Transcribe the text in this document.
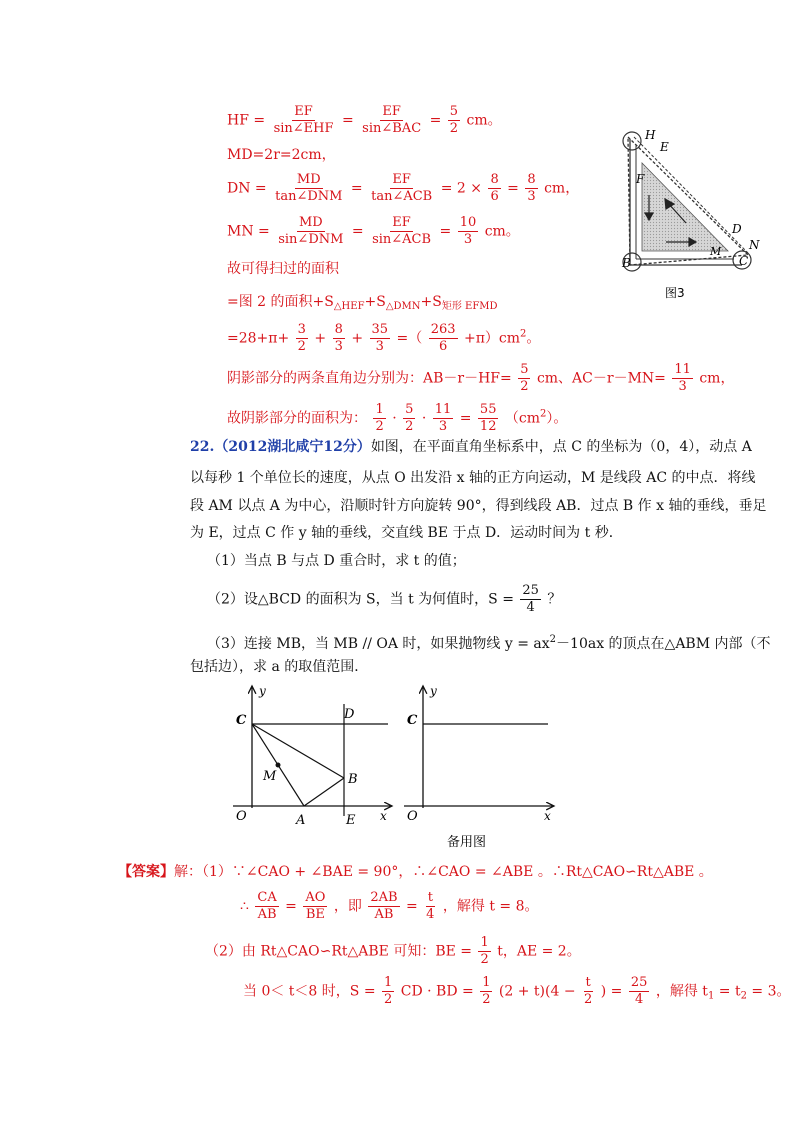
HF = $\frac{EF}{\text{sin∠EHF}} = \frac{EF}{\text{sin∠BAC}} = \frac{5}{2}$ cm。
MD=2r=2cm，
DN = $\frac{MD}{\text{tan∠DNM}} = \frac{EF}{\text{tan∠ACB}} = 2 \times \frac{8}{6} = \frac{8}{3}$ cm，
MN = $\frac{MD}{\text{sin∠DNM}} = \frac{EF}{\text{sin∠ACB}} = \frac{10}{3}$ cm。
故可得扫过的面积
=图 2 的面积$+S_{\triangle HEF}+S_{\triangle DMN}+S_{矩形 EFMD}$
$=28+\pi+ \frac{3}{2} + \frac{8}{3} + \frac{35}{3}$ =（ $\frac{263}{6} +\pi)cm^2$。
阴影部分的两条直角边分别为：$AB-r-HF= \frac{5}{2}$ cm、$AC-r-MN= \frac{11}{3}$ cm，
故阴影部分的面积为： $\frac{1}{2} \cdot \frac{5}{2} \cdot \frac{11}{3} = \frac{55}{12} (cm^2)$。
H
E
F
D
N
M
B	C
图3
22.（2012湖北咸宁12分）如图，在平面直角坐标系中，点 C 的坐标为（0，4），动点 A
以每秒 1 个单位长的速度，从点 O 出发沿 x 轴的正方向运动，M 是线段 AC 的中点．将线
段 AM 以点 A 为中心，沿顺时针方向旋转 90°，得到线段 AB．过点 B 作 x 轴的垂线，垂足
为 E，过点 C 作 y 轴的垂线，交直线 BE 于点 D．运动时间为 t 秒．
（1）当点 B 与点 D 重合时，求 t 的值；
（2）设△BCD 的面积为 S，当 t 为何值时，$S = \frac{25}{4}$ ？
（3）连接 MB，当 MB // OA 时，如果抛物线 $y = ax^2-10ax$ 的顶点在△ABM 内部（不
包括边），求 a 的取值范围．
y
C	D
M	B
O	A	E x
y
C
O	x
备用图
【答案】解：（1）∵∠CAO + ∠BAE = 90°，∴∠CAO = ∠ABE 。∴Rt△CAO∽Rt△ABE 。
∴ $\frac{CA}{AB} = \frac{AO}{BE}$ ，即 $\frac{2AB}{AB} = \frac{t}{4}$ ，解得 t = 8。
（2）由 Rt△CAO∽Rt△ABE 可知：BE = $\frac{1}{2}$ t，AE = 2。
当 0＜ t＜8 时，$S = \frac{1}{2}$ CD · BD = $\frac{1}{2} (2 + t)(4 - \frac{t}{2}$ ) = $\frac{25}{4}$ ，解得 $t_1 = t_2 = 3$。
